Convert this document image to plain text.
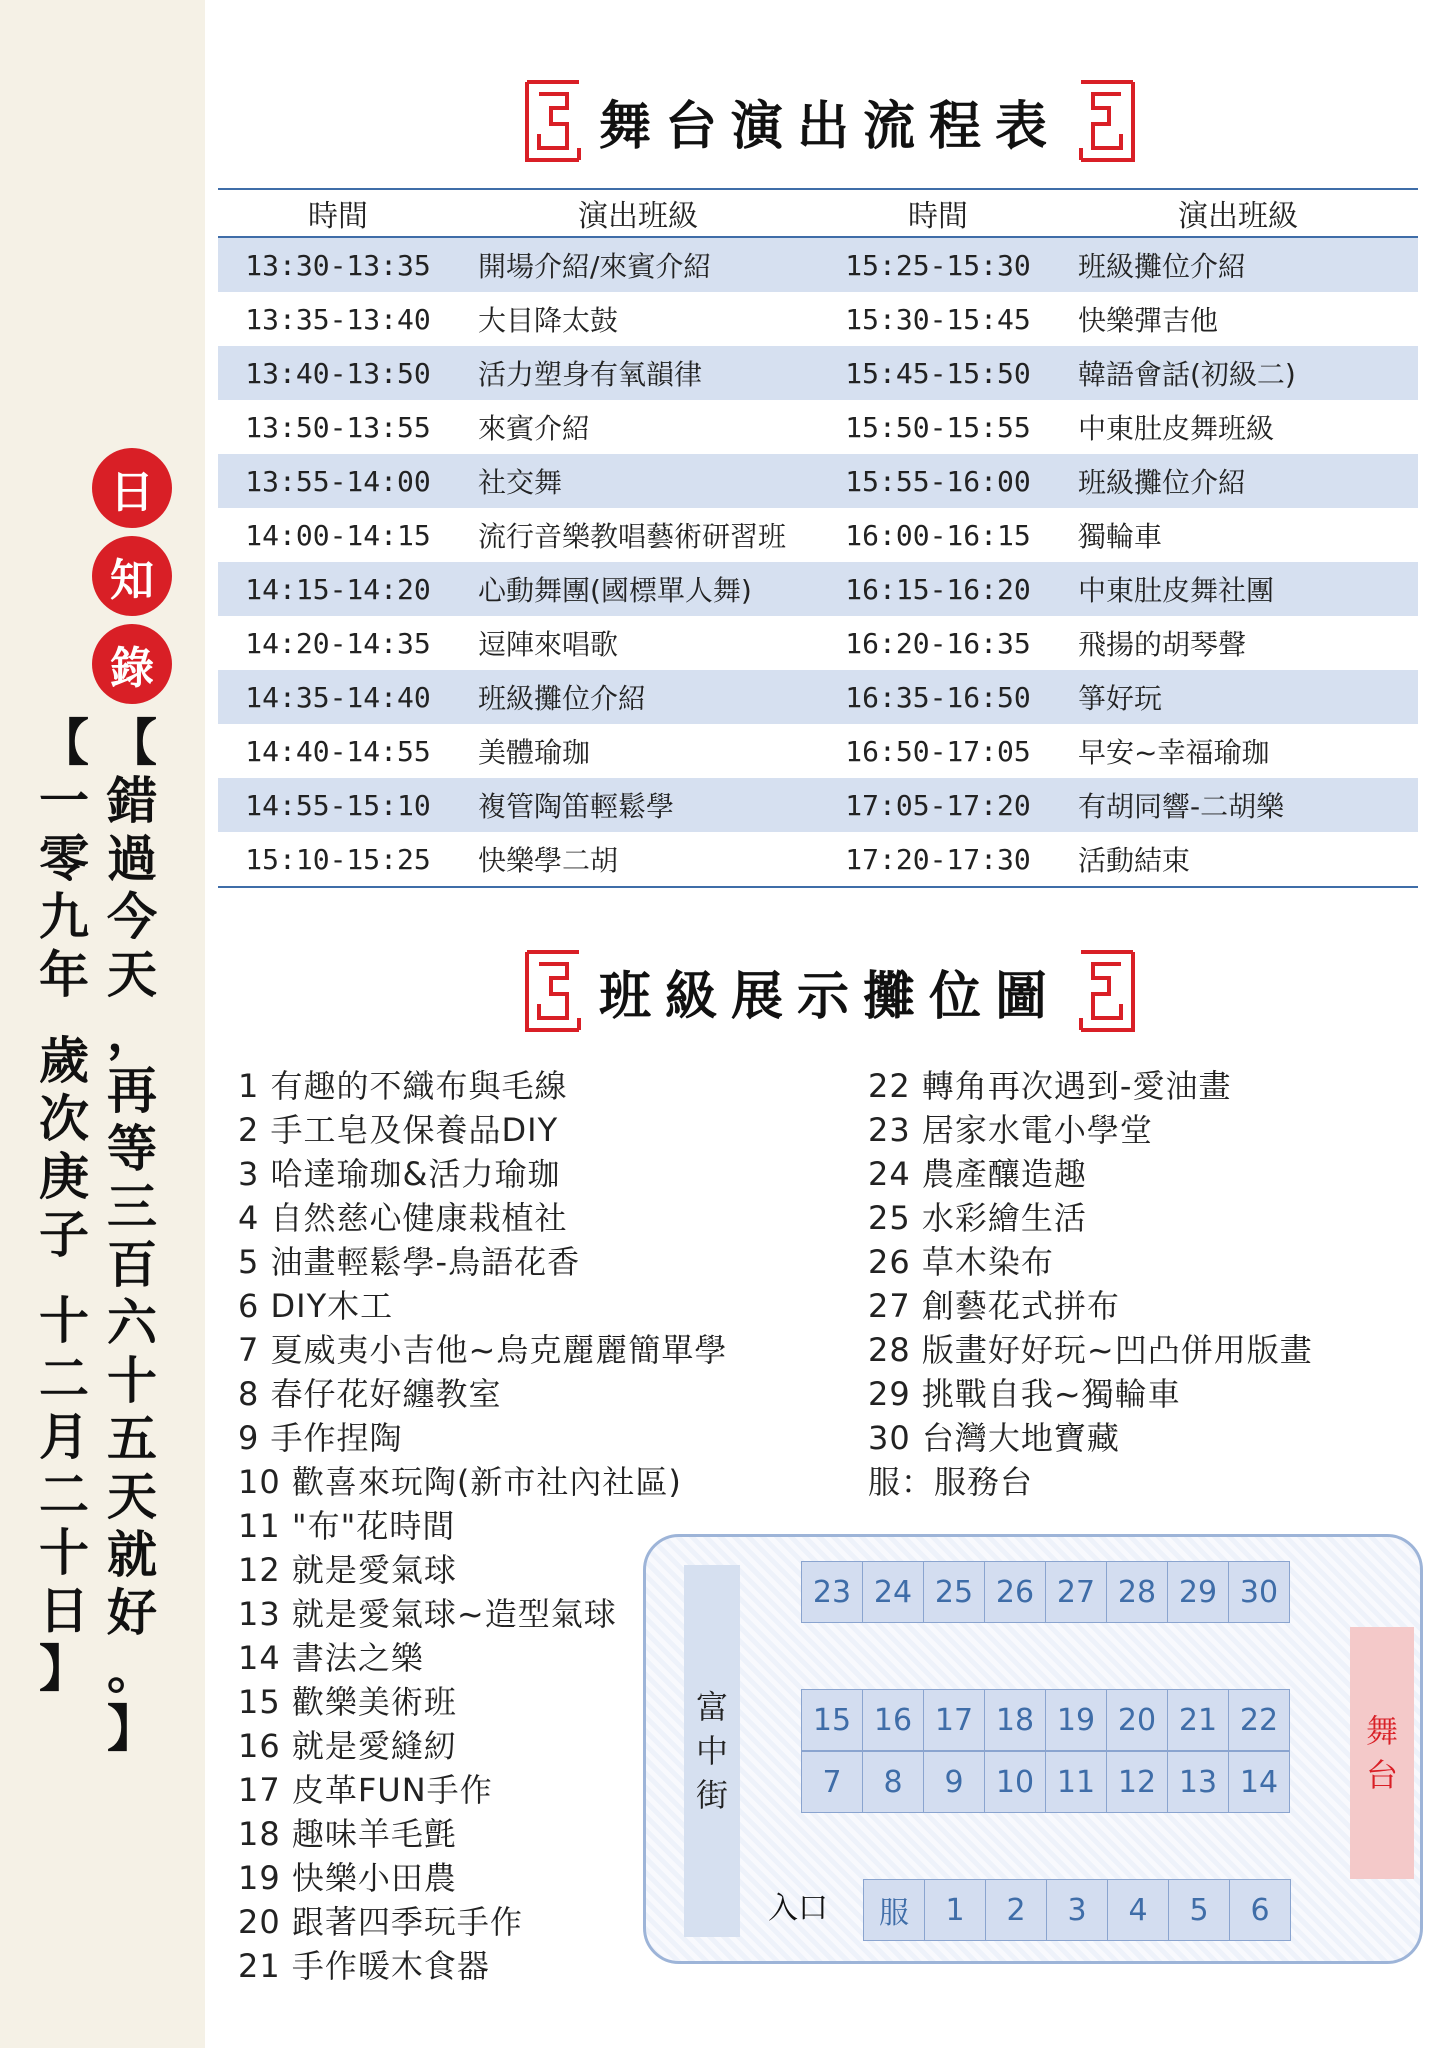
日
知
錄
【
錯
過
今
天
，
再
等
三
百
六
十
五
天
就
好
。
】
【
一
零
九
年
歲
次
庚
子
十
二
月
二
十
日
】
舞台演出流程表
時間	演出班級	時間	演出班級
13:30-13:35	開場介紹/來賓介紹	15:25-15:30	班級攤位介紹
13:35-13:40	大目降太鼓	15:30-15:45	快樂彈吉他
13:40-13:50	活力塑身有氧韻律	15:45-15:50	韓語會話(初級二)
13:50-13:55	來賓介紹	15:50-15:55	中東肚皮舞班級
13:55-14:00	社交舞	15:55-16:00	班級攤位介紹
14:00-14:15	流行音樂教唱藝術研習班	16:00-16:15	獨輪車
14:15-14:20	心動舞團(國標單人舞)	16:15-16:20	中東肚皮舞社團
14:20-14:35	逗陣來唱歌	16:20-16:35	飛揚的胡琴聲
14:35-14:40	班級攤位介紹	16:35-16:50	箏好玩
14:40-14:55	美體瑜珈	16:50-17:05	早安~幸福瑜珈
14:55-15:10	複管陶笛輕鬆學	17:05-17:20	有胡同響-二胡樂
15:10-15:25	快樂學二胡	17:20-17:30	活動結束
班級展示攤位圖
1 有趣的不織布與毛線
2 手工皂及保養品DIY
3 哈達瑜珈&活力瑜珈
4 自然慈心健康栽植社
5 油畫輕鬆學-鳥語花香
6 DIY木工
7 夏威夷小吉他~烏克麗麗簡單學
8 春仔花好纏教室
9 手作捏陶
10 歡喜來玩陶(新市社內社區)
11 "布"花時間
12 就是愛氣球
13 就是愛氣球~造型氣球
14 書法之樂
15 歡樂美術班
16 就是愛縫紉
17 皮革FUN手作
18 趣味羊毛氈
19 快樂小田農
20 跟著四季玩手作
21 手作暖木食器
22 轉角再次遇到-愛油畫
23 居家水電小學堂
24 農產釀造趣
25 水彩繪生活
26 草木染布
27 創藝花式拼布
28 版畫好好玩~凹凸併用版畫
29 挑戰自我~獨輪車
30 台灣大地寶藏
服：服務台
富
中
街
23 24 25 26 27 28 29 30
15 16 17 18 19 20 21 22
7	8	9	10 11 12 13 14
服	1	2	3	4	5	6
入口
舞
台
